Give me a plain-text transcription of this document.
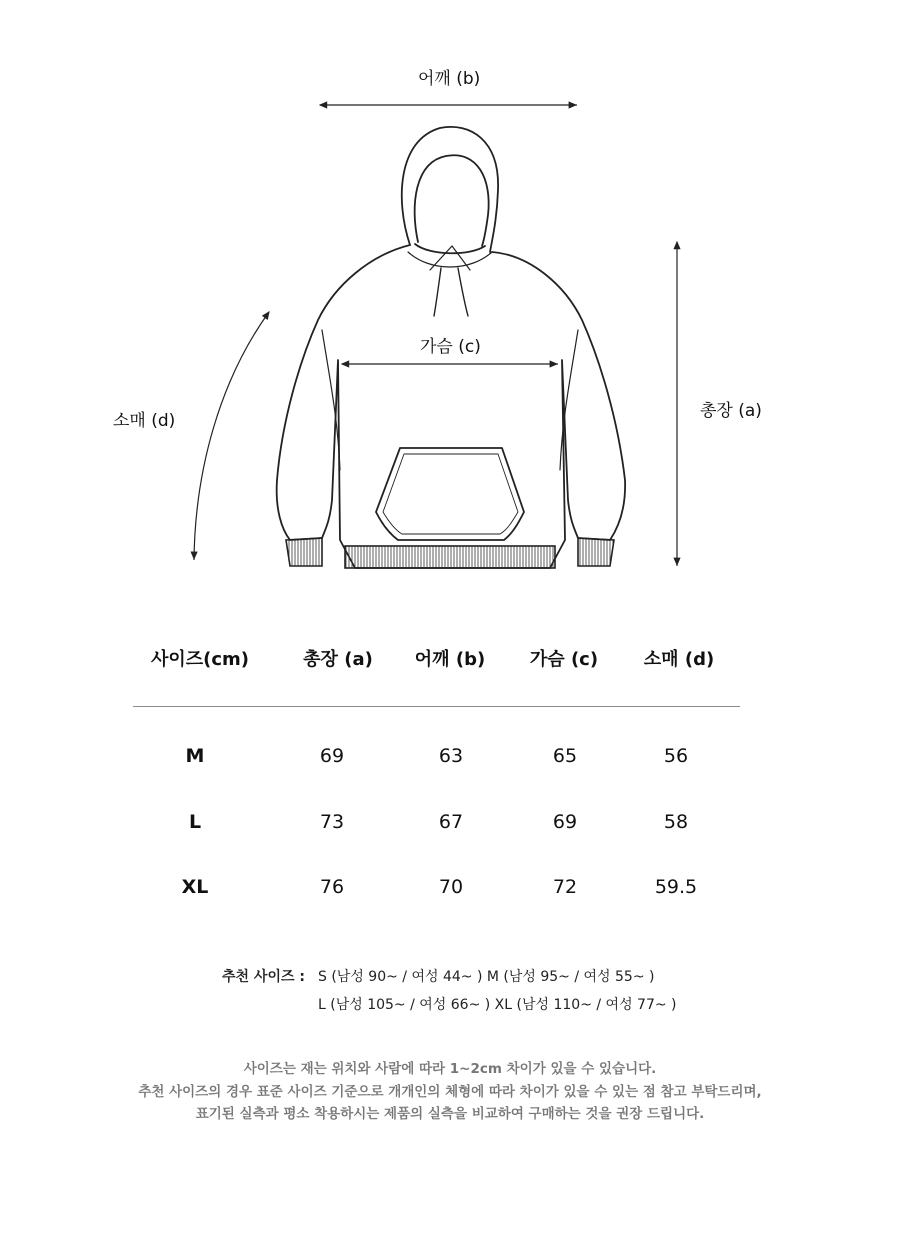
어깨 (b)
가슴 (c)
총장 (a)
소매 (d)
사이즈(cm)	총장 (a)	어깨 (b)	가슴 (c)	소매 (d)
M	69	63	65	56
L	73	67	69	58
XL	76	70	72	59.5
추천 사이즈 : S (남성 90~ / 여성 44~ ) M (남성 95~ / 여성 55~ )
L (남성 105~ / 여성 66~ ) XL (남성 110~ / 여성 77~ )
사이즈는 재는 위치와 사람에 따라 1~2cm 차이가 있을 수 있습니다.
추천 사이즈의 경우 표준 사이즈 기준으로 개개인의 체형에 따라 차이가 있을 수 있는 점 참고 부탁드리며,
표기된 실측과 평소 착용하시는 제품의 실측을 비교하여 구매하는 것을 권장 드립니다.
